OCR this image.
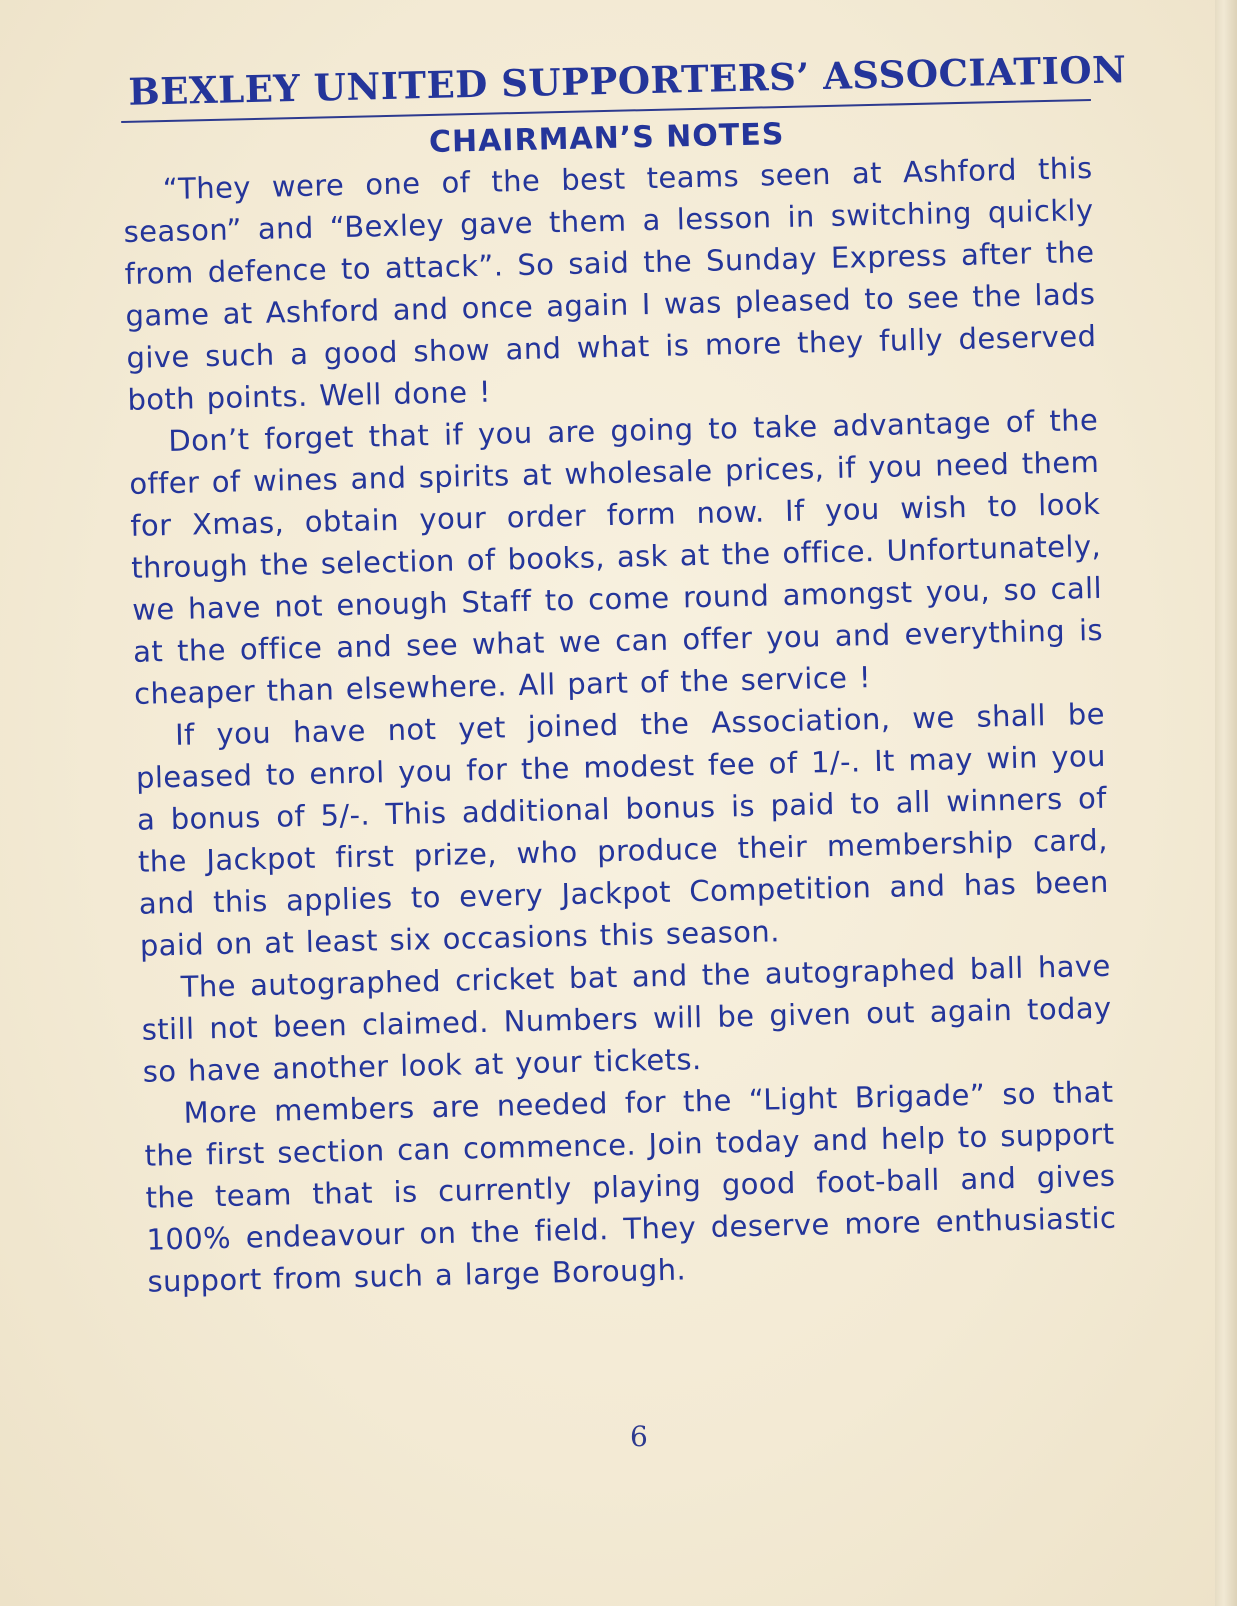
BEXLEY UNITED SUPPORTERS’ ASSOCIATION
CHAIRMAN’S NOTES

“They were one of the best teams seen at Ashford this season” and “Bexley gave them a lesson in switching quickly from defence to attack”. So said the Sunday Express after the game at Ashford and once again I was pleased to see the lads give such a good show and what is more they fully deserved both points. Well done !

Don’t forget that if you are going to take advantage of the offer of wines and spirits at wholesale prices, if you need them for Xmas, obtain your order form now. If you wish to look through the selection of books, ask at the office. Unfortunately, we have not enough Staff to come round amongst you, so call at the office and see what we can offer you and everything is cheaper than elsewhere. All part of the service !

If you have not yet joined the Association, we shall be pleased to enrol you for the modest fee of 1/-. It may win you a bonus of 5/-. This additional bonus is paid to all winners of the Jackpot first prize, who produce their membership card, and this applies to every Jackpot Competition and has been paid on at least six occasions this season.

The autographed cricket bat and the autographed ball have still not been claimed. Numbers will be given out again today so have another look at your tickets.

More members are needed for the “Light Brigade” so that the first section can commence. Join today and help to support the team that is currently playing good foot-ball and gives 100% endeavour on the field. They deserve more enthusiastic support from such a large Borough.

6
